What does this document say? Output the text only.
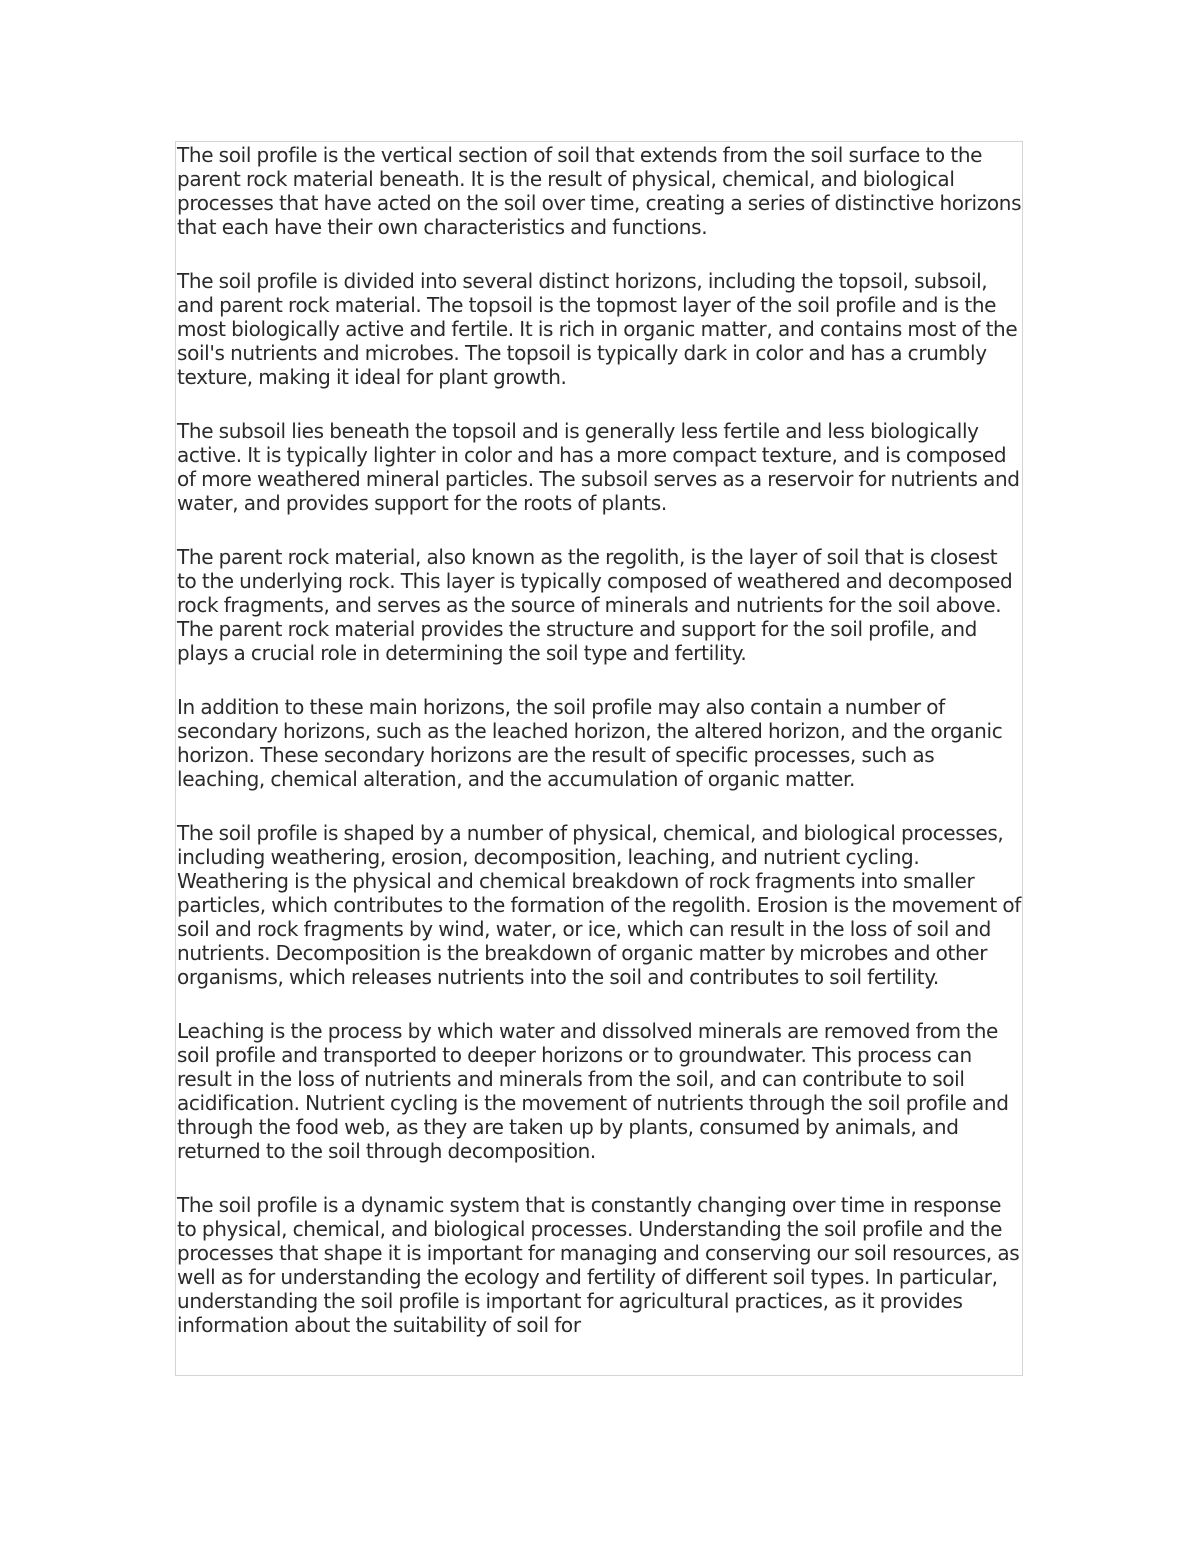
The soil profile is the vertical section of soil that extends from the soil surface to the parent rock material beneath. It is the result of physical, chemical, and biological processes that have acted on the soil over time, creating a series of distinctive horizons that each have their own characteristics and functions.

The soil profile is divided into several distinct horizons, including the topsoil, subsoil, and parent rock material. The topsoil is the topmost layer of the soil profile and is the most biologically active and fertile. It is rich in organic matter, and contains most of the soil's nutrients and microbes. The topsoil is typically dark in color and has a crumbly texture, making it ideal for plant growth.

The subsoil lies beneath the topsoil and is generally less fertile and less biologically active. It is typically lighter in color and has a more compact texture, and is composed of more weathered mineral particles. The subsoil serves as a reservoir for nutrients and water, and provides support for the roots of plants.

The parent rock material, also known as the regolith, is the layer of soil that is closest to the underlying rock. This layer is typically composed of weathered and decomposed rock fragments, and serves as the source of minerals and nutrients for the soil above. The parent rock material provides the structure and support for the soil profile, and plays a crucial role in determining the soil type and fertility.

In addition to these main horizons, the soil profile may also contain a number of secondary horizons, such as the leached horizon, the altered horizon, and the organic horizon. These secondary horizons are the result of specific processes, such as leaching, chemical alteration, and the accumulation of organic matter.

The soil profile is shaped by a number of physical, chemical, and biological processes, including weathering, erosion, decomposition, leaching, and nutrient cycling. Weathering is the physical and chemical breakdown of rock fragments into smaller particles, which contributes to the formation of the regolith. Erosion is the movement of soil and rock fragments by wind, water, or ice, which can result in the loss of soil and nutrients. Decomposition is the breakdown of organic matter by microbes and other organisms, which releases nutrients into the soil and contributes to soil fertility.

Leaching is the process by which water and dissolved minerals are removed from the soil profile and transported to deeper horizons or to groundwater. This process can result in the loss of nutrients and minerals from the soil, and can contribute to soil acidification. Nutrient cycling is the movement of nutrients through the soil profile and through the food web, as they are taken up by plants, consumed by animals, and returned to the soil through decomposition.

The soil profile is a dynamic system that is constantly changing over time in response to physical, chemical, and biological processes. Understanding the soil profile and the processes that shape it is important for managing and conserving our soil resources, as well as for understanding the ecology and fertility of different soil types. In particular, understanding the soil profile is important for agricultural practices, as it provides information about the suitability of soil for
